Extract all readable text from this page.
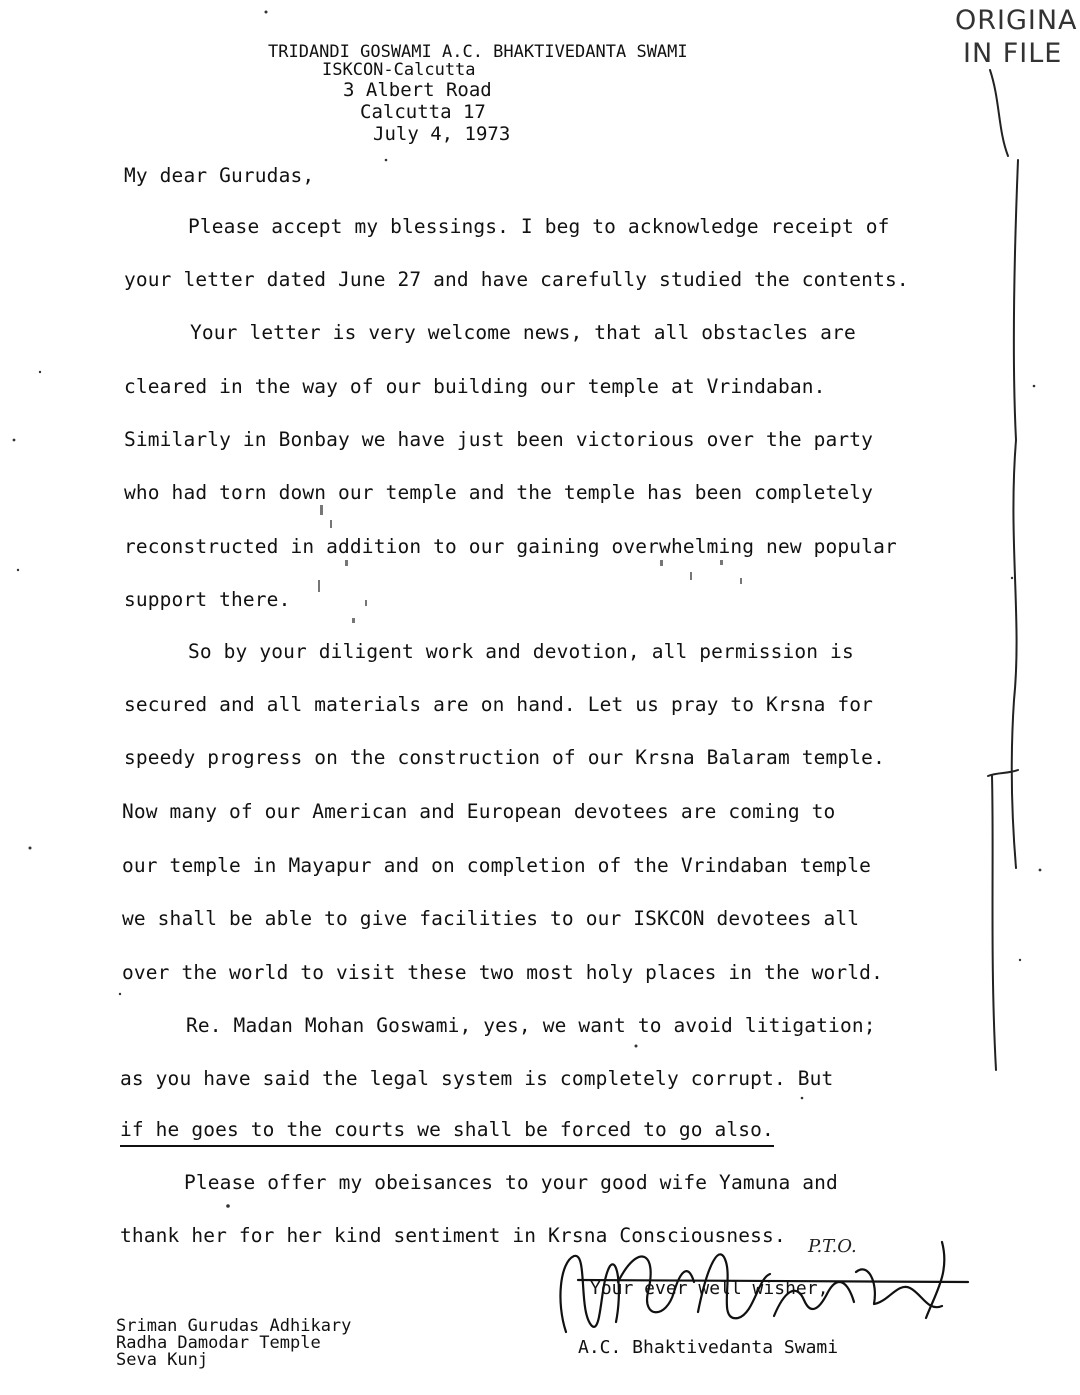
ORIGINA
IN FILE
TRIDANDI GOSWAMI A.C. BHAKTIVEDANTA SWAMI
ISKCON-Calcutta
3 Albert Road
Calcutta 17
July 4, 1973
My dear Gurudas,
Please accept my blessings. I beg to acknowledge receipt of
your letter dated June 27 and have carefully studied the contents.
Your letter is very welcome news, that all obstacles are
cleared in the way of our building our temple at Vrindaban.
Similarly in Bonbay we have just been victorious over the party
who had torn down our temple and the temple has been completely
reconstructed in addition to our gaining overwhelming new popular
support there.
So by your diligent work and devotion, all permission is
secured and all materials are on hand. Let us pray to Krsna for
speedy progress on the construction of our Krsna Balaram temple.
Now many of our American and European devotees are coming to
our temple in Mayapur and on completion of the Vrindaban temple
we shall be able to give facilities to our ISKCON devotees all
over the world to visit these two most holy places in the world.
Re. Madan Mohan Goswami, yes, we want to avoid litigation;
as you have said the legal system is completely corrupt. But
if he goes to the courts we shall be forced to go also.
Please offer my obeisances to your good wife Yamuna and
thank her for her kind sentiment in Krsna Consciousness. P.T.O.
Your ever well wisher,
A.C. Bhaktivedanta Swami
Sriman Gurudas Adhikary
Radha Damodar Temple
Seva Kunj
